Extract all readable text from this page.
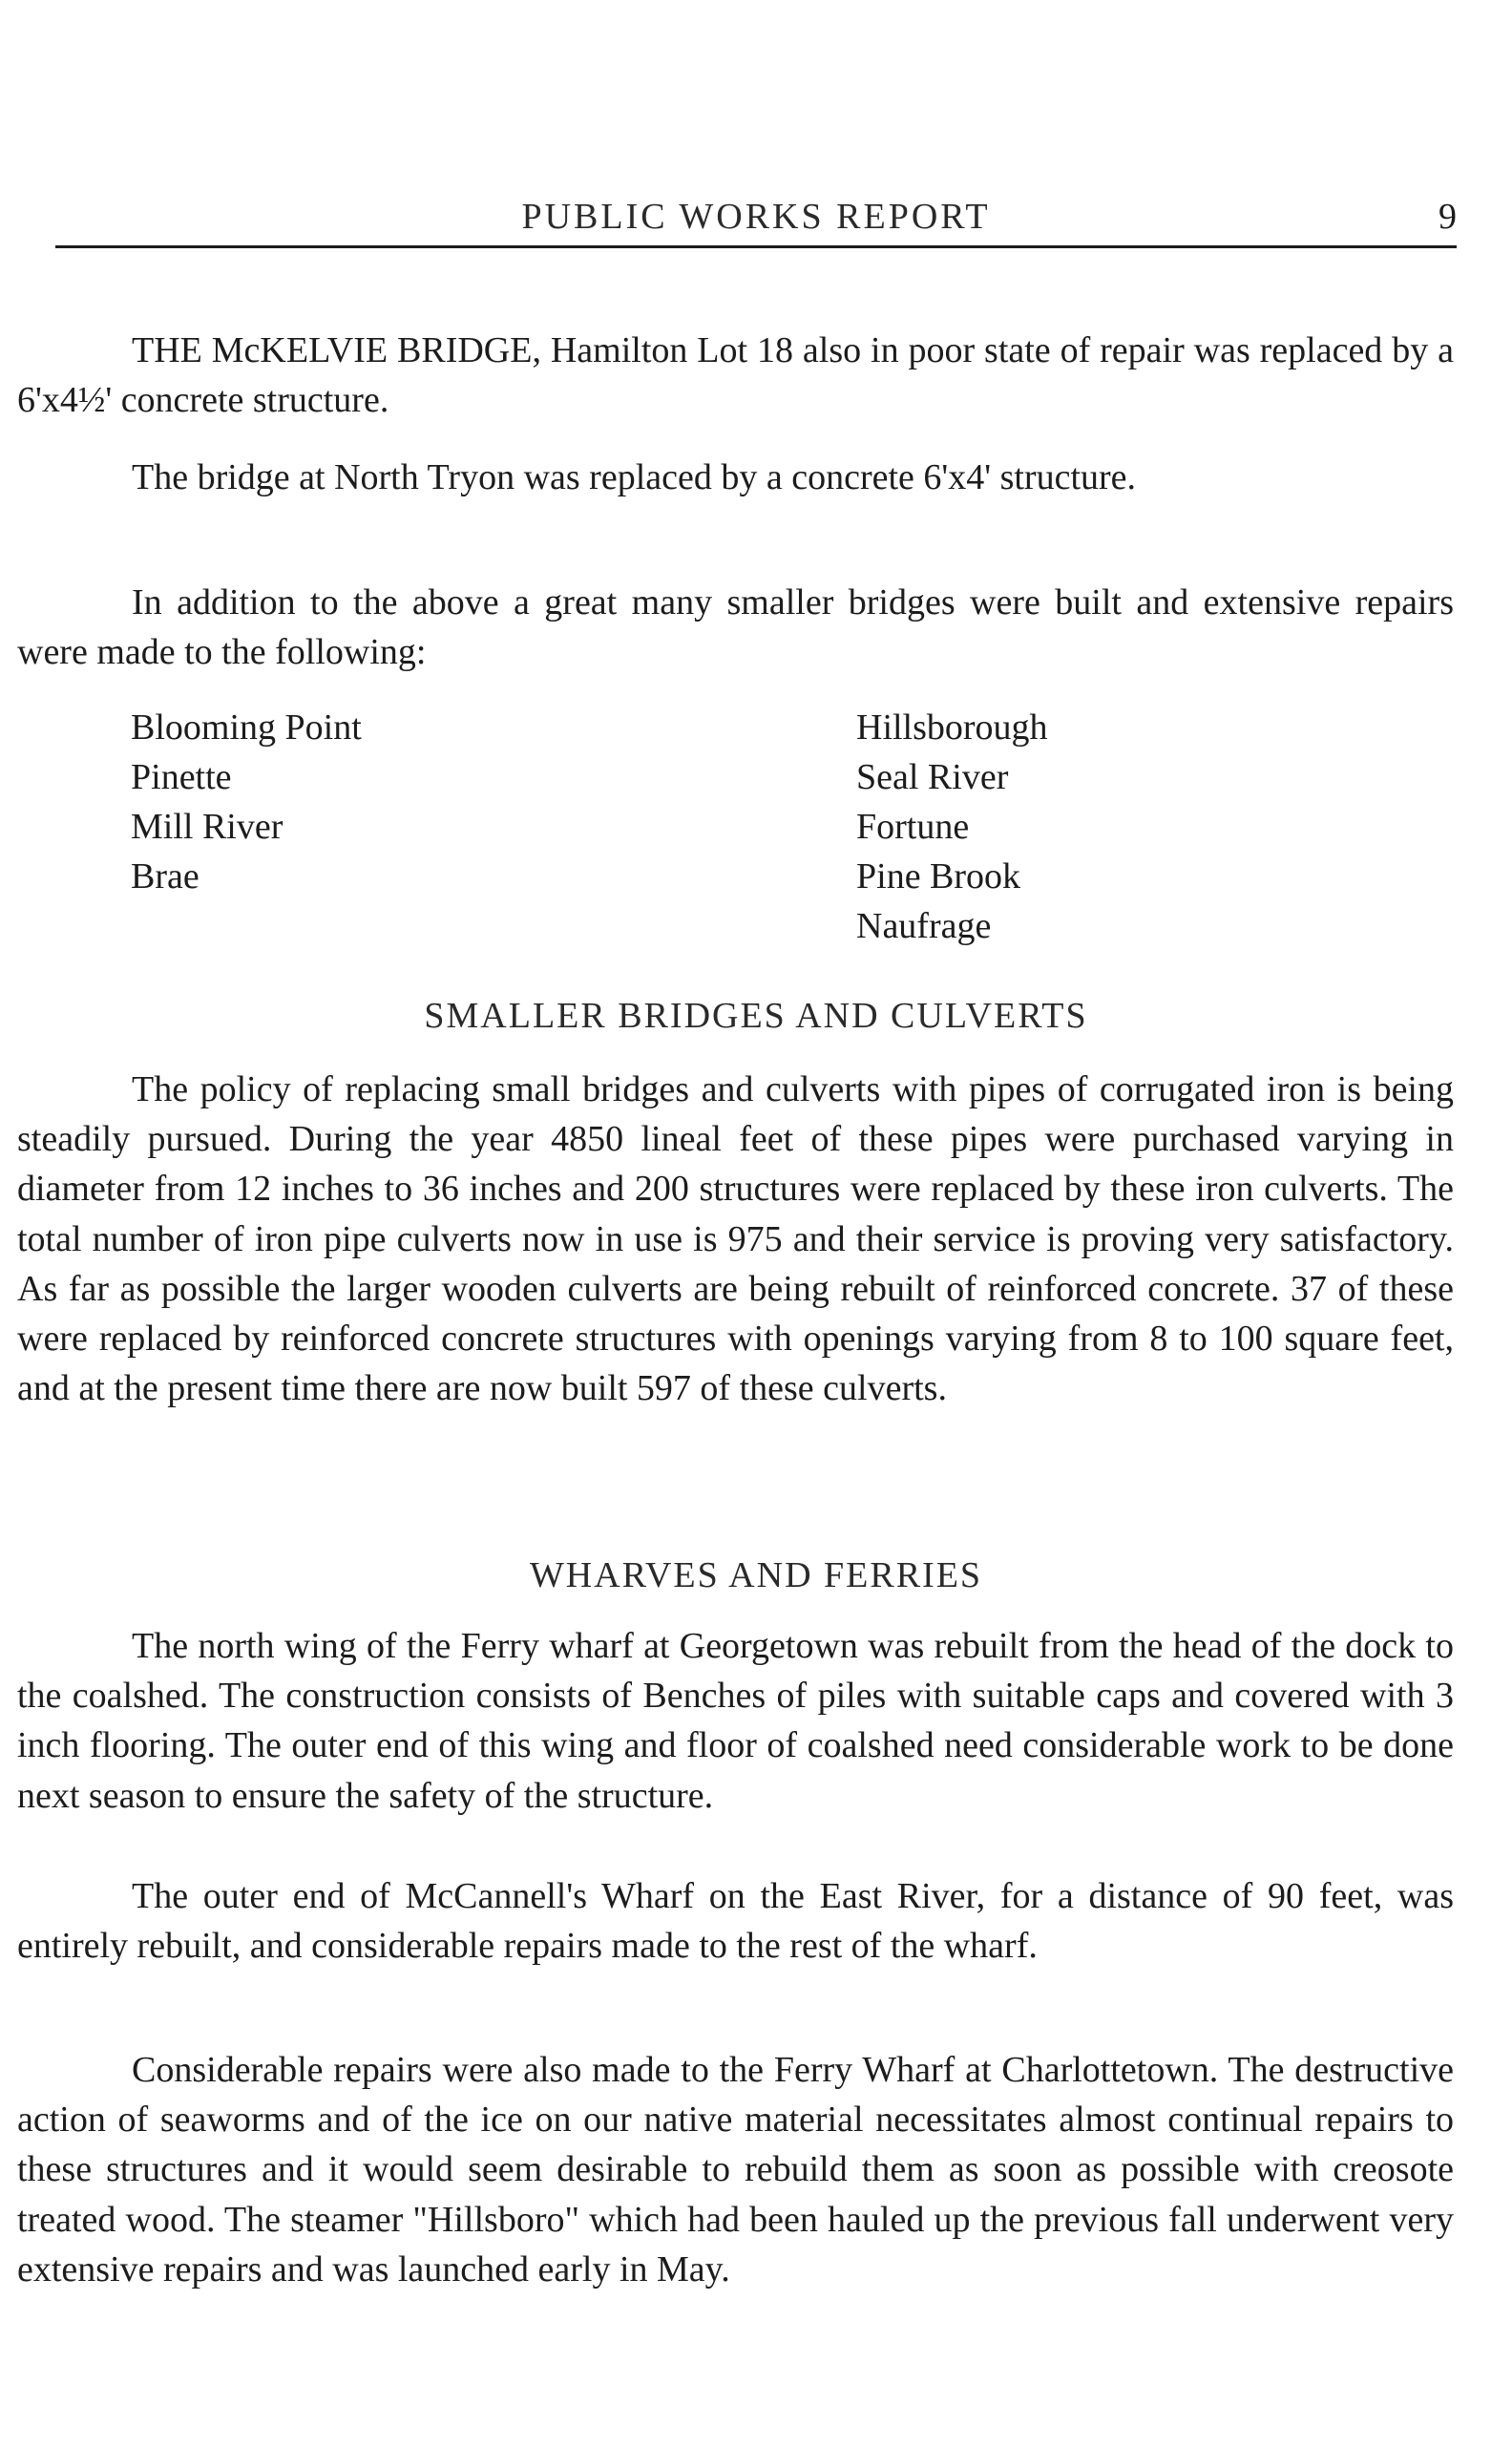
PUBLIC WORKS REPORT	9

THE McKELVIE BRIDGE, Hamilton Lot 18 also in poor state of repair was replaced by a 6'x4½' concrete structure.

The bridge at North Tryon was replaced by a concrete 6'x4' structure.

In addition to the above a great many smaller bridges were built and extensive repairs were made to the following:

Blooming Point
Pinette
Mill River
Brae
Hillsborough
Seal River
Fortune
Pine Brook
Naufrage
SMALLER BRIDGES AND CULVERTS

The policy of replacing small bridges and culverts with pipes of corrugated iron is being steadily pursued. During the year 4850 lineal feet of these pipes were purchased varying in diameter from 12 inches to 36 inches and 200 structures were replaced by these iron culverts. The total number of iron pipe culverts now in use is 975 and their service is proving very satisfactory. As far as possible the larger wooden culverts are being rebuilt of reinforced concrete. 37 of these were replaced by reinforced concrete structures with openings varying from 8 to 100 square feet, and at the present time there are now built 597 of these culverts.

WHARVES AND FERRIES

The north wing of the Ferry wharf at Georgetown was rebuilt from the head of the dock to the coalshed. The construction consists of Benches of piles with suitable caps and covered with 3 inch flooring. The outer end of this wing and floor of coalshed need considerable work to be done next season to ensure the safety of the structure.

The outer end of McCannell's Wharf on the East River, for a distance of 90 feet, was entirely rebuilt, and considerable repairs made to the rest of the wharf.

Considerable repairs were also made to the Ferry Wharf at Charlottetown. The destructive action of seaworms and of the ice on our native material necessitates almost continual repairs to these structures and it would seem desirable to rebuild them as soon as possible with creosote treated wood. The steamer "Hillsboro" which had been hauled up the previous fall underwent very extensive repairs and was launched early in May.
